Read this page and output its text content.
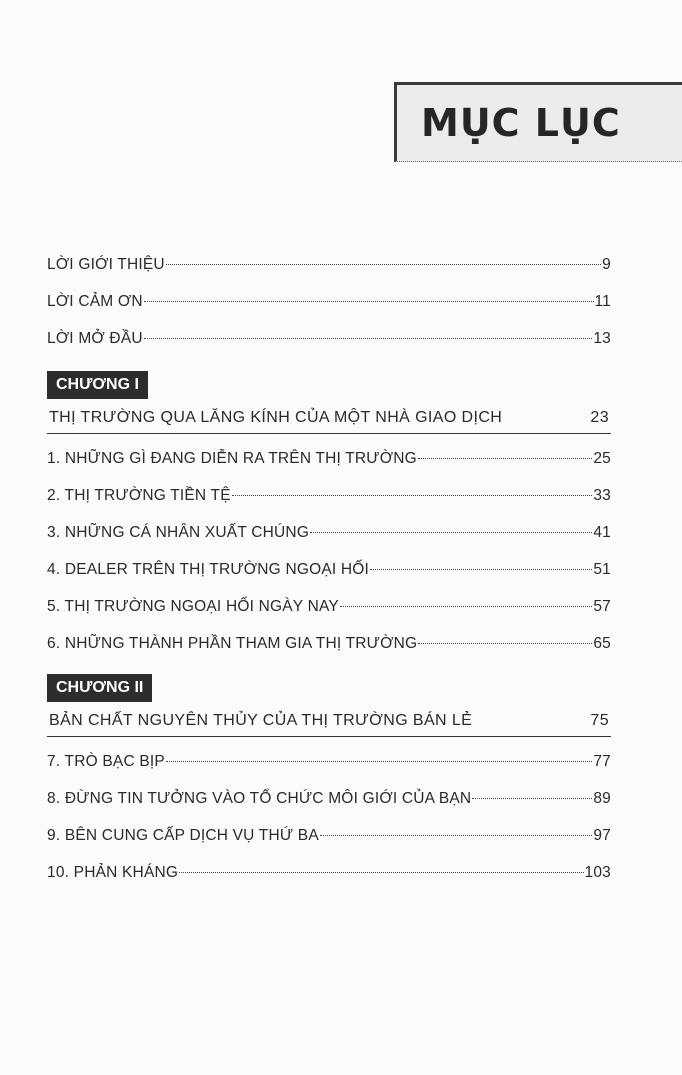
MỤC LỤC
LỜI GIỚI THIỆU	9
LỜI CẢM ƠN	11
LỜI MỞ ĐẦU	13
CHƯƠNG I
THỊ TRƯỜNG QUA LĂNG KÍNH CỦA MỘT NHÀ GIAO DỊCH	23
1. NHỮNG GÌ ĐANG DIỄN RA TRÊN THỊ TRƯỜNG	25
2. THỊ TRƯỜNG TIỀN TỆ	33
3. NHỮNG CÁ NHÂN XUẤT CHÚNG	41
4. DEALER TRÊN THỊ TRƯỜNG NGOẠI HỐI	51
5. THỊ TRƯỜNG NGOẠI HỐI NGÀY NAY	57
6. NHỮNG THÀNH PHẦN THAM GIA THỊ TRƯỜNG	65
CHƯƠNG II
BẢN CHẤT NGUYÊN THỦY CỦA THỊ TRƯỜNG BÁN LẺ	75
7. TRÒ BẠC BỊP	77
8. ĐỪNG TIN TƯỞNG VÀO TỔ CHỨC MÔI GIỚI CỦA BẠN	89
9. BÊN CUNG CẤP DỊCH VỤ THỨ BA	97
10. PHẢN KHÁNG	103
